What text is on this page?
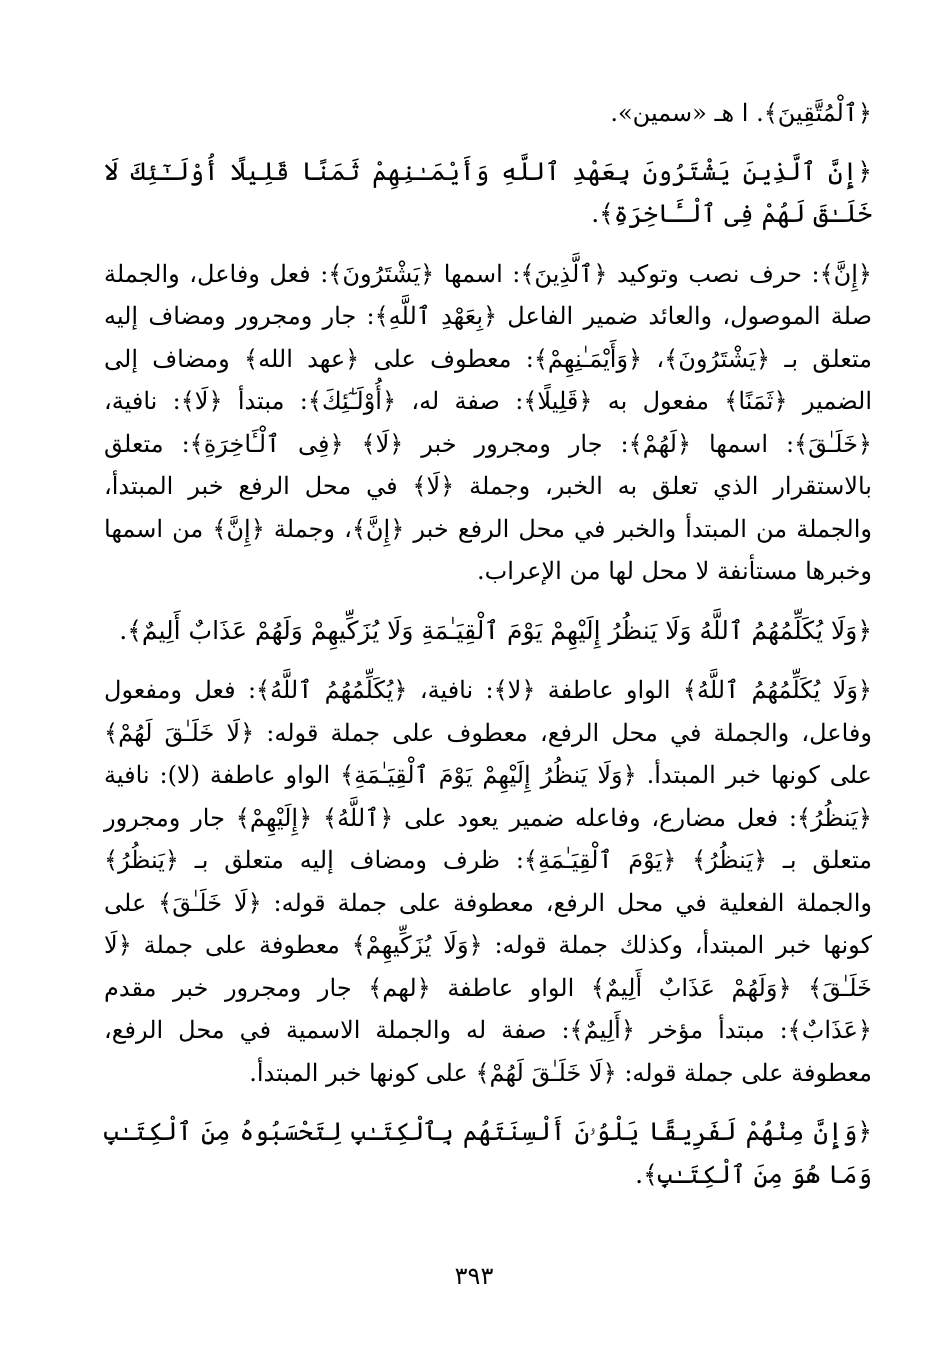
﴿ٱلْمُتَّقِينَ﴾. ا هـ «سمين».

﴿إِنَّ ٱلَّذِينَ يَشْتَرُونَ بِعَهْدِ ٱللَّهِ وَأَيْمَـٰنِهِمْ ثَمَنًا قَلِيلًا أُوْلَـٰٓئِكَ لَا خَلَـٰقَ لَهُمْ فِى ٱلْـَٔاخِرَةِ﴾.

﴿إِنَّ﴾: حرف نصب وتوكيد ﴿ٱلَّذِينَ﴾: اسمها ﴿يَشْتَرُونَ﴾: فعل وفاعل، والجملة صلة الموصول، والعائد ضمير الفاعل ﴿بِعَهْدِ ٱللَّهِ﴾: جار ومجرور ومضاف إليه متعلق بـ ﴿يَشْتَرُونَ﴾، ﴿وَأَيْمَـٰنِهِمْ﴾: معطوف على ﴿عهد الله﴾ ومضاف إلى الضمير ﴿ثَمَنًا﴾ مفعول به ﴿قَلِيلًا﴾: صفة له، ﴿أُوْلَـٰٓئِكَ﴾: مبتدأ ﴿لَا﴾: نافية، ﴿خَلَـٰقَ﴾: اسمها ﴿لَهُمْ﴾: جار ومجرور خبر ﴿لَا﴾ ﴿فِى ٱلْـَٔاخِرَةِ﴾: متعلق بالاستقرار الذي تعلق به الخبر، وجملة ﴿لَا﴾ في محل الرفع خبر المبتدأ، والجملة من المبتدأ والخبر في محل الرفع خبر ﴿إِنَّ﴾، وجملة ﴿إِنَّ﴾ من اسمها وخبرها مستأنفة لا محل لها من الإعراب.

﴿وَلَا يُكَلِّمُهُمُ ٱللَّهُ وَلَا يَنظُرُ إِلَيْهِمْ يَوْمَ ٱلْقِيَـٰمَةِ وَلَا يُزَكِّيهِمْ وَلَهُمْ عَذَابٌ أَلِيمٌ﴾.

﴿وَلَا يُكَلِّمُهُمُ ٱللَّهُ﴾ الواو عاطفة ﴿لا﴾: نافية، ﴿يُكَلِّمُهُمُ ٱللَّهُ﴾: فعل ومفعول وفاعل، والجملة في محل الرفع، معطوف على جملة قوله: ﴿لَا خَلَـٰقَ لَهُمْ﴾ على كونها خبر المبتدأ. ﴿وَلَا يَنظُرُ إِلَيْهِمْ يَوْمَ ٱلْقِيَـٰمَةِ﴾ الواو عاطفة (لا): نافية ﴿يَنظُرُ﴾: فعل مضارع، وفاعله ضمير يعود على ﴿ٱللَّهُ﴾ ﴿إِلَيْهِمْ﴾ جار ومجرور متعلق بـ ﴿يَنظُرُ﴾ ﴿يَوْمَ ٱلْقِيَـٰمَةِ﴾: ظرف ومضاف إليه متعلق بـ ﴿يَنظُرُ﴾ والجملة الفعلية في محل الرفع، معطوفة على جملة قوله: ﴿لَا خَلَـٰقَ﴾ على كونها خبر المبتدأ، وكذلك جملة قوله: ﴿وَلَا يُزَكِّيهِمْ﴾ معطوفة على جملة ﴿لَا خَلَـٰقَ﴾ ﴿وَلَهُمْ عَذَابٌ أَلِيمٌ﴾ الواو عاطفة ﴿لهم﴾ جار ومجرور خبر مقدم ﴿عَذَابٌ﴾: مبتدأ مؤخر ﴿أَلِيمٌ﴾: صفة له والجملة الاسمية في محل الرفع، معطوفة على جملة قوله: ﴿لَا خَلَـٰقَ لَهُمْ﴾ على كونها خبر المبتدأ.

﴿وَإِنَّ مِنْهُمْ لَفَرِيقًا يَلْوُۥنَ أَلْسِنَتَهُم بِٱلْكِتَـٰبِ لِتَحْسَبُوهُ مِنَ ٱلْكِتَـٰبِ وَمَا هُوَ مِنَ ٱلْكِتَـٰبِ﴾.

٣٩٣
